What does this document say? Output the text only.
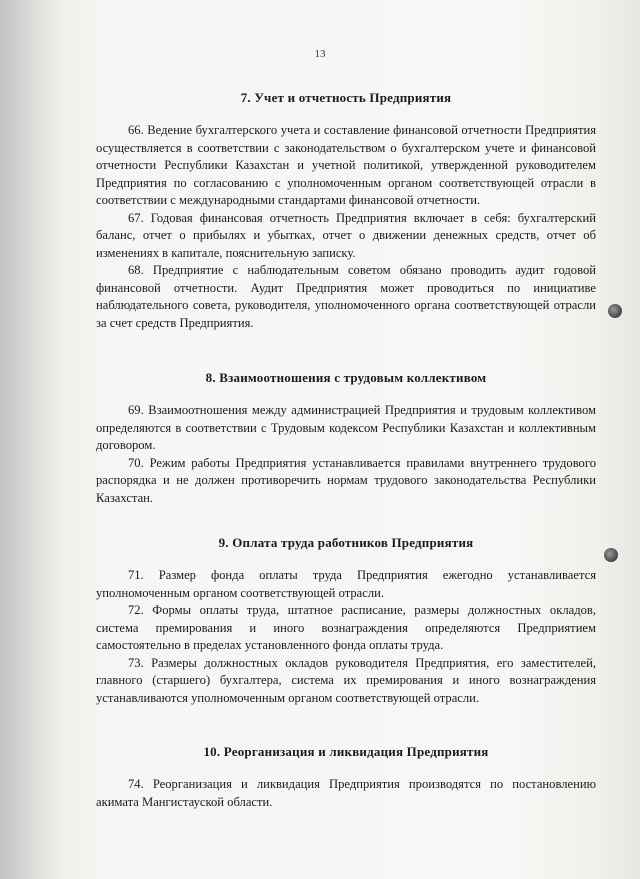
13
7. Учет и отчетность Предприятия

66. Ведение бухгалтерского учета и составление финансовой отчетности Предприятия осуществляется в соответствии с законодательством о бухгалтерском учете и финансовой отчетности Республики Казахстан и учетной политикой, утвержденной руководителем Предприятия по согласованию с уполномоченным органом соответствующей отрасли в соответствии с международными стандартами финансовой отчетности.

67. Годовая финансовая отчетность Предприятия включает в себя: бухгалтерский баланс, отчет о прибылях и убытках, отчет о движении денежных средств, отчет об изменениях в капитале, пояснительную записку.

68. Предприятие с наблюдательным советом обязано проводить аудит годовой финансовой отчетности. Аудит Предприятия может проводиться по инициативе наблюдательного совета, руководителя, уполномоченного органа соответствующей отрасли за счет средств Предприятия.

8. Взаимоотношения с трудовым коллективом

69. Взаимоотношения между администрацией Предприятия и трудовым коллективом определяются в соответствии с Трудовым кодексом Республики Казахстан и коллективным договором.

70. Режим работы Предприятия устанавливается правилами внутреннего трудового распорядка и не должен противоречить нормам трудового законодательства Республики Казахстан.

9. Оплата труда работников Предприятия

71. Размер фонда оплаты труда Предприятия ежегодно устанавливается уполномоченным органом соответствующей отрасли.

72. Формы оплаты труда, штатное расписание, размеры должностных окладов, система премирования и иного вознаграждения определяются Предприятием самостоятельно в пределах установленного фонда оплаты труда.

73. Размеры должностных окладов руководителя Предприятия, его заместителей, главного (старшего) бухгалтера, система их премирования и иного вознаграждения устанавливаются уполномоченным органом соответствующей отрасли.

10. Реорганизация и ликвидация Предприятия

74. Реорганизация и ликвидация Предприятия производятся по постановлению акимата Мангистауской области.
